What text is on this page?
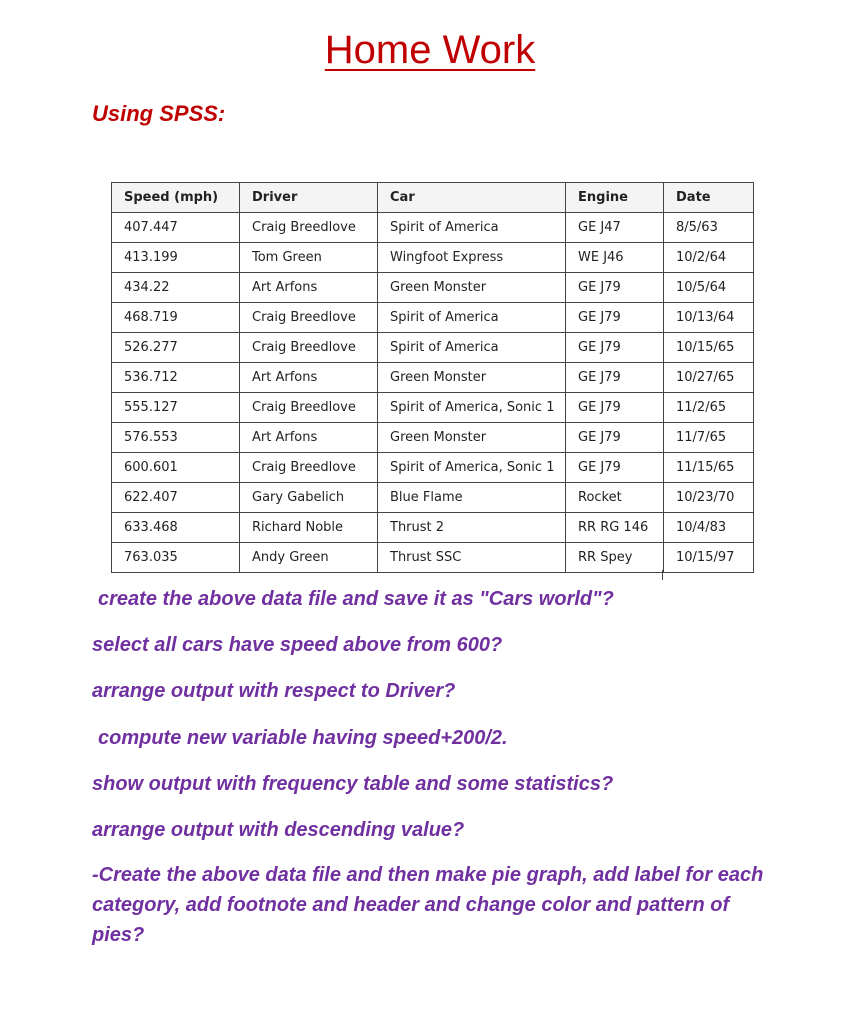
Home Work
Using SPSS:
Speed (mph)	Driver	Car	Engine	Date
407.447	Craig Breedlove	Spirit of America	GE J47	8/5/63
413.199	Tom Green	Wingfoot Express	WE J46	10/2/64
434.22	Art Arfons	Green Monster	GE J79	10/5/64
468.719	Craig Breedlove	Spirit of America	GE J79	10/13/64
526.277	Craig Breedlove	Spirit of America	GE J79	10/15/65
536.712	Art Arfons	Green Monster	GE J79	10/27/65
555.127	Craig Breedlove	Spirit of America, Sonic 1	GE J79	11/2/65
576.553	Art Arfons	Green Monster	GE J79	11/7/65
600.601	Craig Breedlove	Spirit of America, Sonic 1	GE J79	11/15/65
622.407	Gary Gabelich	Blue Flame	Rocket	10/23/70
633.468	Richard Noble	Thrust 2	RR RG 146	10/4/83
763.035	Andy Green	Thrust SSC	RR Spey	10/15/97
create the above data file and save it as "Cars world"?
select all cars have speed above from 600?
arrange output with respect to Driver?
compute new variable having speed+200/2.
show output with frequency table and some statistics?
arrange output with descending value?
-Create the above data file and then make pie graph, add label for each category, add footnote and header and change color and pattern of pies?
